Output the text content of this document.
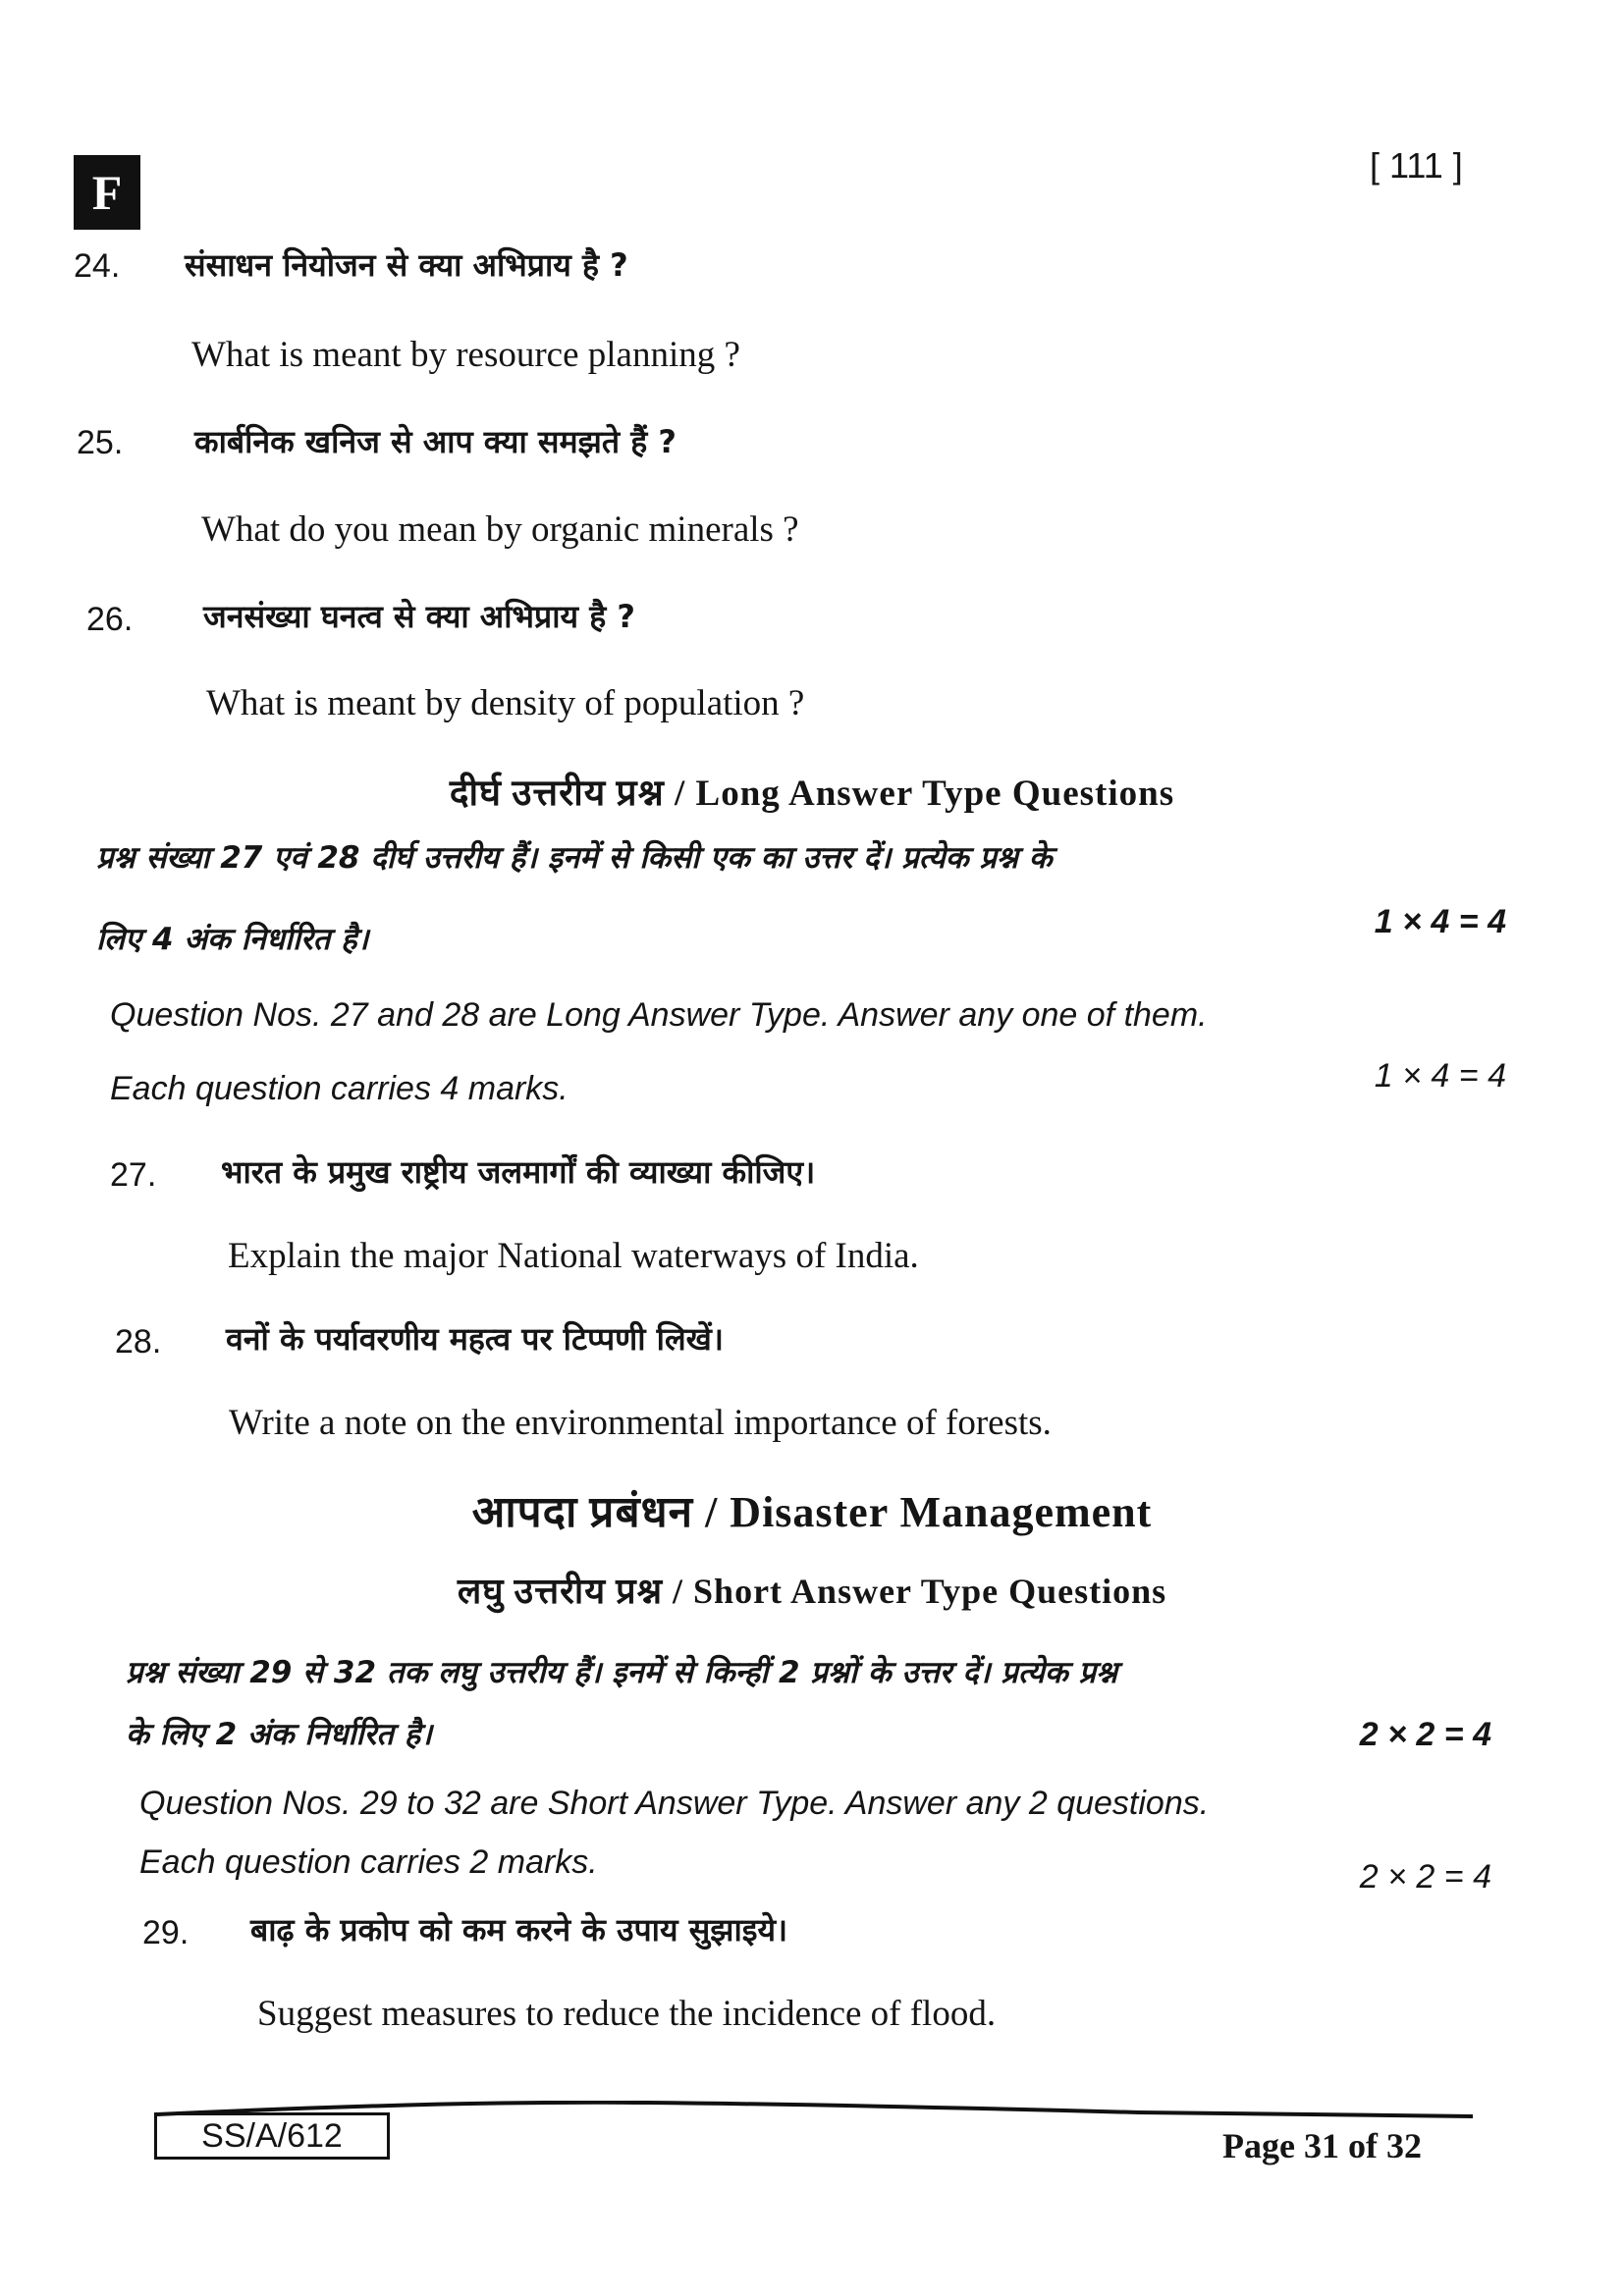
F	[ 111 ]
24. संसाधन नियोजन से क्या अभिप्राय है ?
What is meant by resource planning ?
25. कार्बनिक खनिज से आप क्या समझते हैं ?
What do you mean by organic minerals ?
26. जनसंख्या घनत्व से क्या अभिप्राय है ?
What is meant by density of population ?
दीर्घ उत्तरीय प्रश्न / Long Answer Type Questions
प्रश्न संख्या 27 एवं 28 दीर्घ उत्तरीय हैं। इनमें से किसी एक का उत्तर दें। प्रत्येक प्रश्न के
लिए 4 अंक निर्धारित है।	1 × 4 = 4
Question Nos. 27 and 28 are Long Answer Type. Answer any one of them.
Each question carries 4 marks.	1 × 4 = 4
27. भारत के प्रमुख राष्ट्रीय जलमार्गों की व्याख्या कीजिए।
Explain the major National waterways of India.
28. वनों के पर्यावरणीय महत्व पर टिप्पणी लिखें।
Write a note on the environmental importance of forests.
आपदा प्रबंधन / Disaster Management
लघु उत्तरीय प्रश्न / Short Answer Type Questions
प्रश्न संख्या 29 से 32 तक लघु उत्तरीय हैं। इनमें से किन्हीं 2 प्रश्नों के उत्तर दें। प्रत्येक प्रश्न
के लिए 2 अंक निर्धारित है।	2 × 2 = 4
Question Nos. 29 to 32 are Short Answer Type. Answer any 2 questions.
Each question carries 2 marks.	2 × 2 = 4
29. बाढ़ के प्रकोप को कम करने के उपाय सुझाइये।
Suggest measures to reduce the incidence of flood.
SS/A/612	Page 31 of 32
